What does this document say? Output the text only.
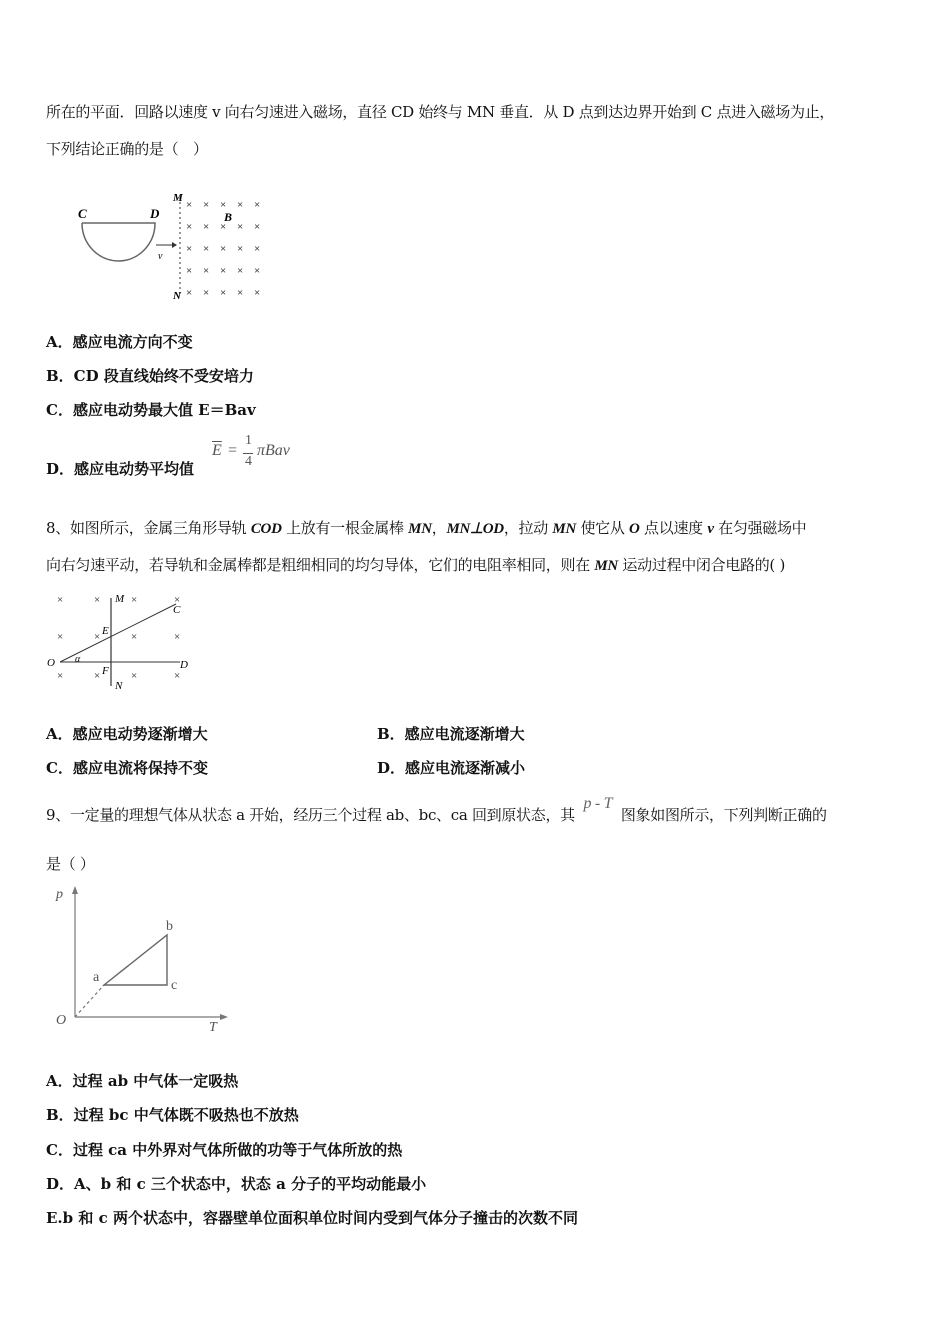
所在的平面．回路以速度 v 向右匀速进入磁场，直径 CD 始终与 MN 垂直．从 D 点到达边界开始到 C 点进入磁场为止，
下列结论正确的是（　）
C	D
v
M
N
B
× × × × ×
× × × × ×
× × × × ×
× × × × ×
× × × × ×
A．感应电流方向不变
B．CD 段直线始终不受安培力
C．感应电动势最大值 E＝Bav
D．感应电动势平均值
$\overline{E}$ =
1
4
πBav
8、如图所示，金属三角形导轨 COD 上放有一根金属棒 MN，MN⊥OD，拉动 MN 使它从 O 点以速度 v 在匀强磁场中
向右匀速平动，若导轨和金属棒都是粗细相同的均匀导体，它们的电阻率相同，则在 MN 运动过程中闭合电路的( )
×	×	×	×
×	×	×	×
×	×	×	×
O	D
C
M
N
E
F
α
A．感应电动势逐渐增大	B．感应电流逐渐增大
C．感应电流将保持不变	D．感应电流逐渐减小
9、一定量的理想气体从状态 a 开始，经历三个过程 ab、bc、ca 回到原状态，其p - T图象如图所示，下列判断正确的
是（ ）
p
T
O
a
b
c
A．过程 ab 中气体一定吸热
B．过程 bc 中气体既不吸热也不放热
C．过程 ca 中外界对气体所做的功等于气体所放的热
D．A、b 和 c 三个状态中，状态 a 分子的平均动能最小
E.b 和 c 两个状态中，容器壁单位面积单位时间内受到气体分子撞击的次数不同
